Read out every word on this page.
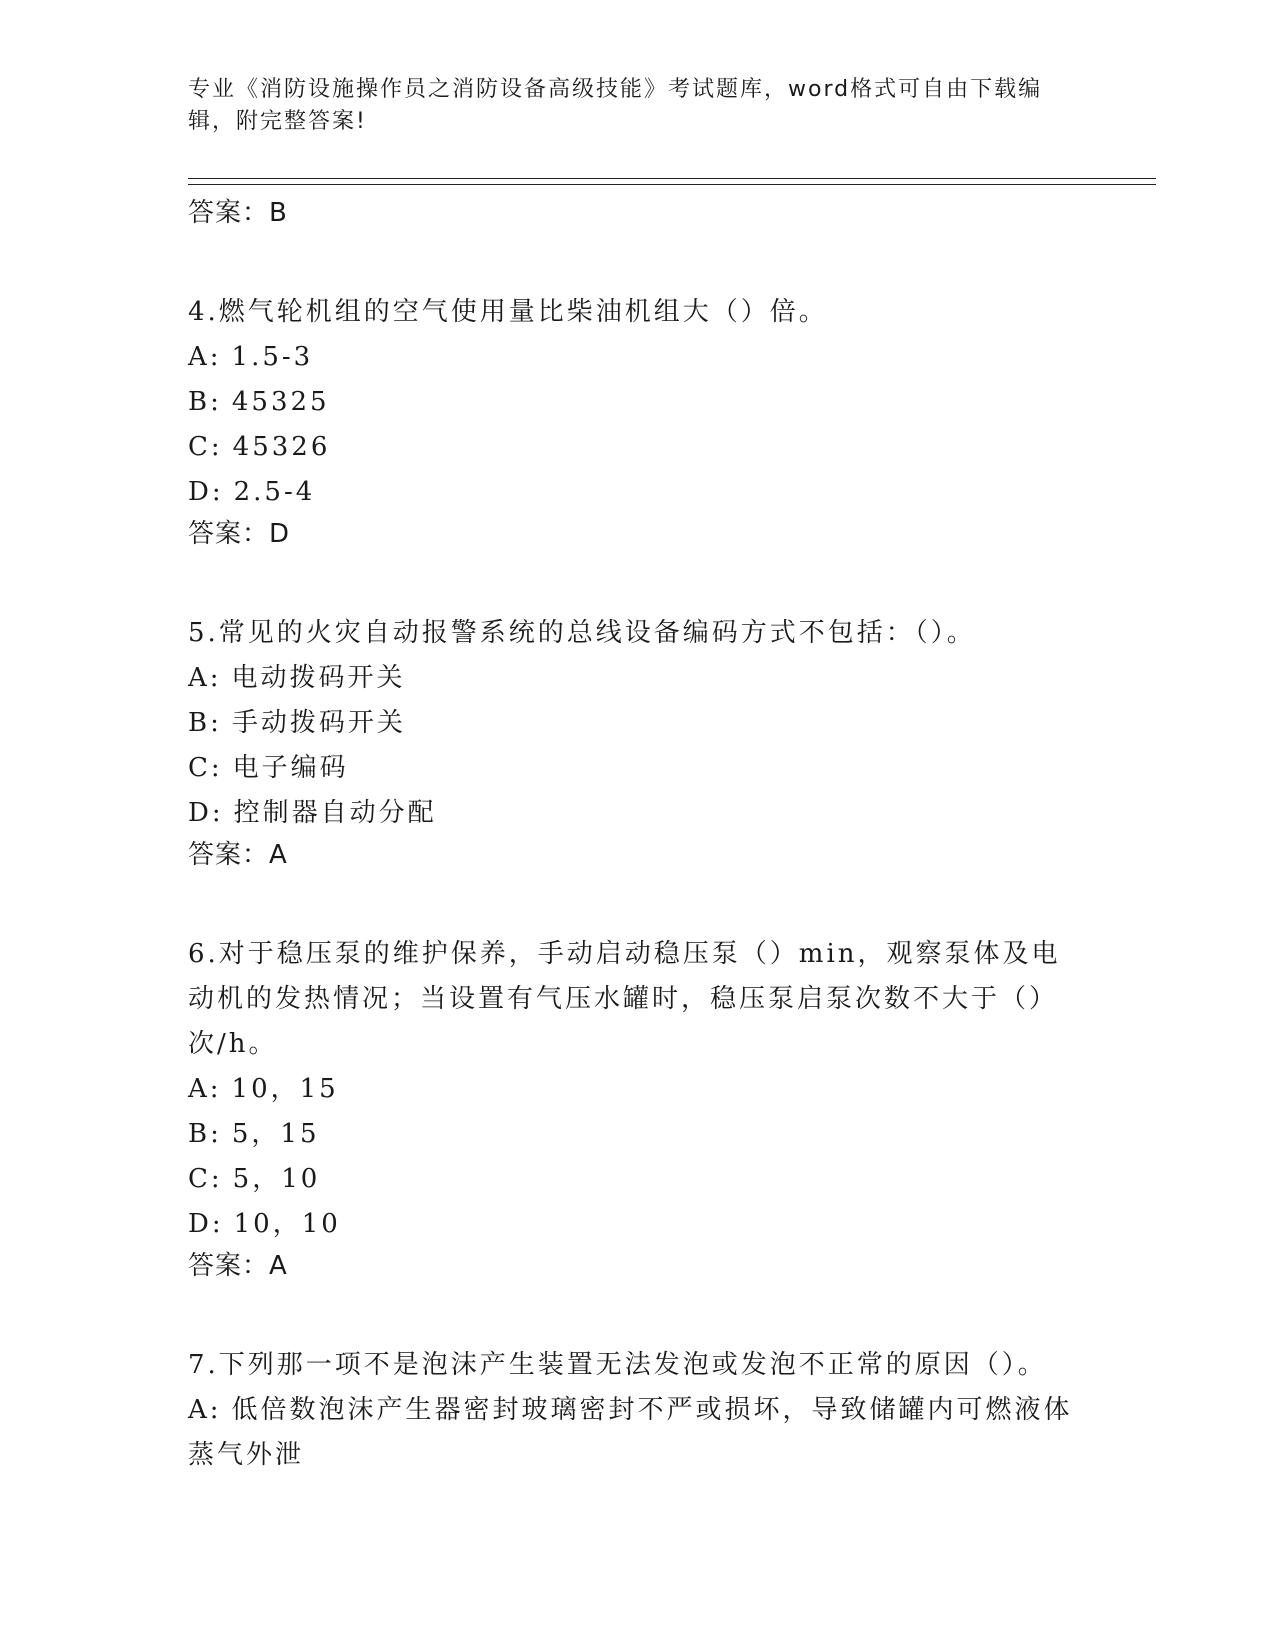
专业《消防设施操作员之消防设备高级技能》考试题库，word格式可自由下载编辑，附完整答案!
答案：B

4.燃气轮机组的空气使用量比柴油机组大（）倍。

A: 1.5-3
B: 45325
C: 45326
D: 2.5-4
答案：D

5.常见的火灾自动报警系统的总线设备编码方式不包括：（）。

A: 电动拨码开关
B: 手动拨码开关
C: 电子编码
D: 控制器自动分配
答案：A

6.对于稳压泵的维护保养，手动启动稳压泵（）min，观察泵体及电动机的发热情况；当设置有气压水罐时，稳压泵启泵次数不大于（）次/h。

A: 10，15
B: 5，15
C: 5，10
D: 10，10
答案：A

7.下列那一项不是泡沫产生装置无法发泡或发泡不正常的原因（）。

A: 低倍数泡沫产生器密封玻璃密封不严或损坏，导致储罐内可燃液体蒸气外泄
